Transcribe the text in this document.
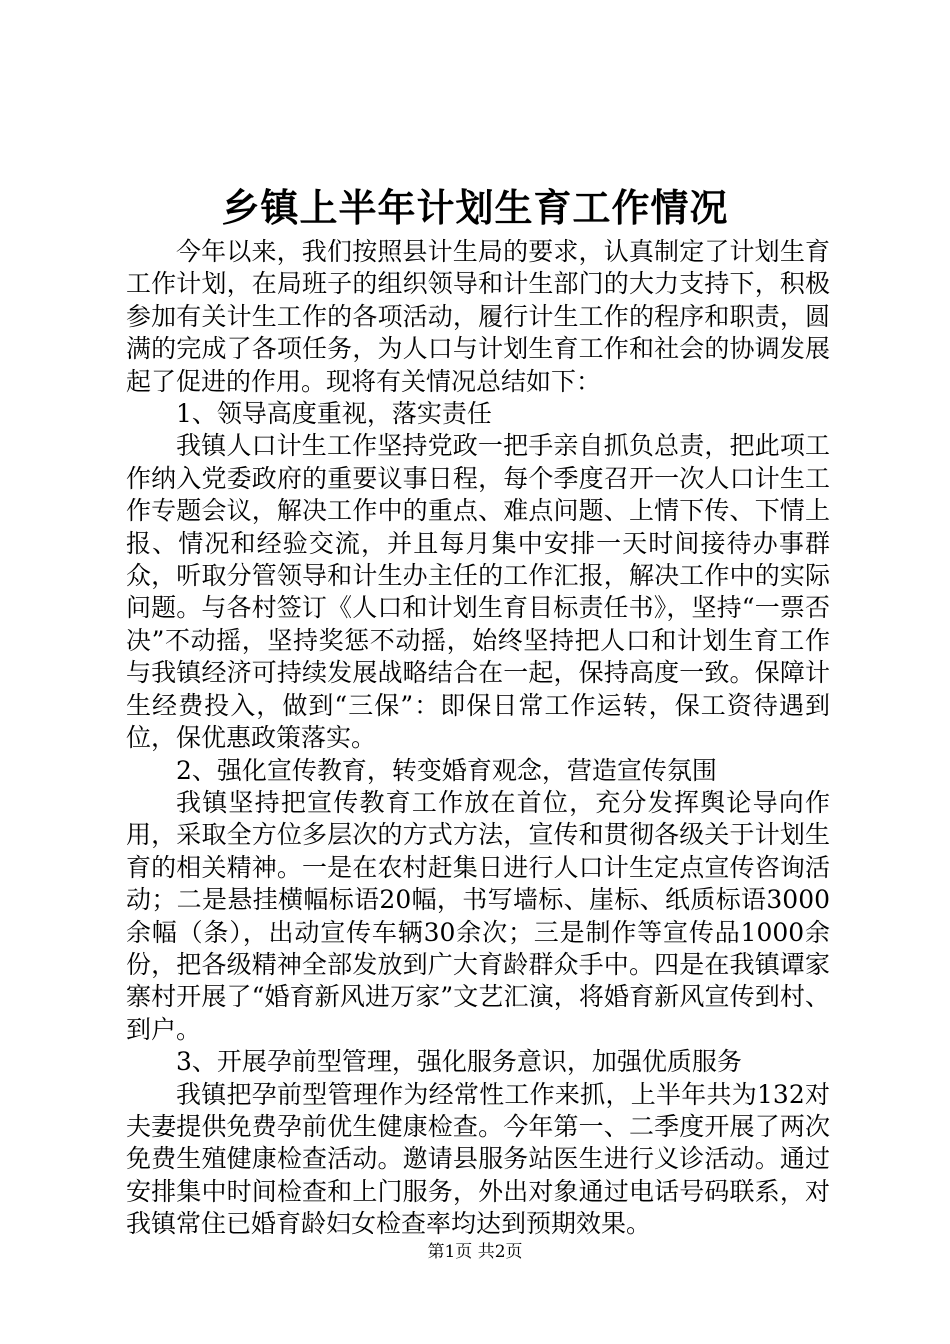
乡镇上半年计划生育工作情况

今年以来，我们按照县计生局的要求，认真制定了计划生育工作计划，在局班子的组织领导和计生部门的大力支持下，积极参加有关计生工作的各项活动，履行计生工作的程序和职责，圆满的完成了各项任务，为人口与计划生育工作和社会的协调发展起了促进的作用。现将有关情况总结如下：

1、领导高度重视，落实责任

我镇人口计生工作坚持党政一把手亲自抓负总责，把此项工作纳入党委政府的重要议事日程，每个季度召开一次人口计生工作专题会议，解决工作中的重点、难点问题、上情下传、下情上报、情况和经验交流，并且每月集中安排一天时间接待办事群众，听取分管领导和计生办主任的工作汇报，解决工作中的实际问题。与各村签订《人口和计划生育目标责任书》，坚持“一票否决”不动摇，坚持奖惩不动摇，始终坚持把人口和计划生育工作与我镇经济可持续发展战略结合在一起，保持高度一致。保障计生经费投入，做到“三保”：即保日常工作运转，保工资待遇到位，保优惠政策落实。

2、强化宣传教育，转变婚育观念，营造宣传氛围

我镇坚持把宣传教育工作放在首位，充分发挥舆论导向作用，采取全方位多层次的方式方法，宣传和贯彻各级关于计划生育的相关精神。一是在农村赶集日进行人口计生定点宣传咨询活动；二是悬挂横幅标语20幅，书写墙标、崖标、纸质标语3000余幅（条），出动宣传车辆30余次；三是制作等宣传品1000余份，把各级精神全部发放到广大育龄群众手中。四是在我镇谭家寨村开展了“婚育新风进万家”文艺汇演，将婚育新风宣传到村、到户。

3、开展孕前型管理，强化服务意识，加强优质服务

我镇把孕前型管理作为经常性工作来抓，上半年共为132对夫妻提供免费孕前优生健康检查。今年第一、二季度开展了两次免费生殖健康检查活动。邀请县服务站医生进行义诊活动。通过安排集中时间检查和上门服务，外出对象通过电话号码联系，对我镇常住已婚育龄妇女检查率均达到预期效果。

第1页 共2页
